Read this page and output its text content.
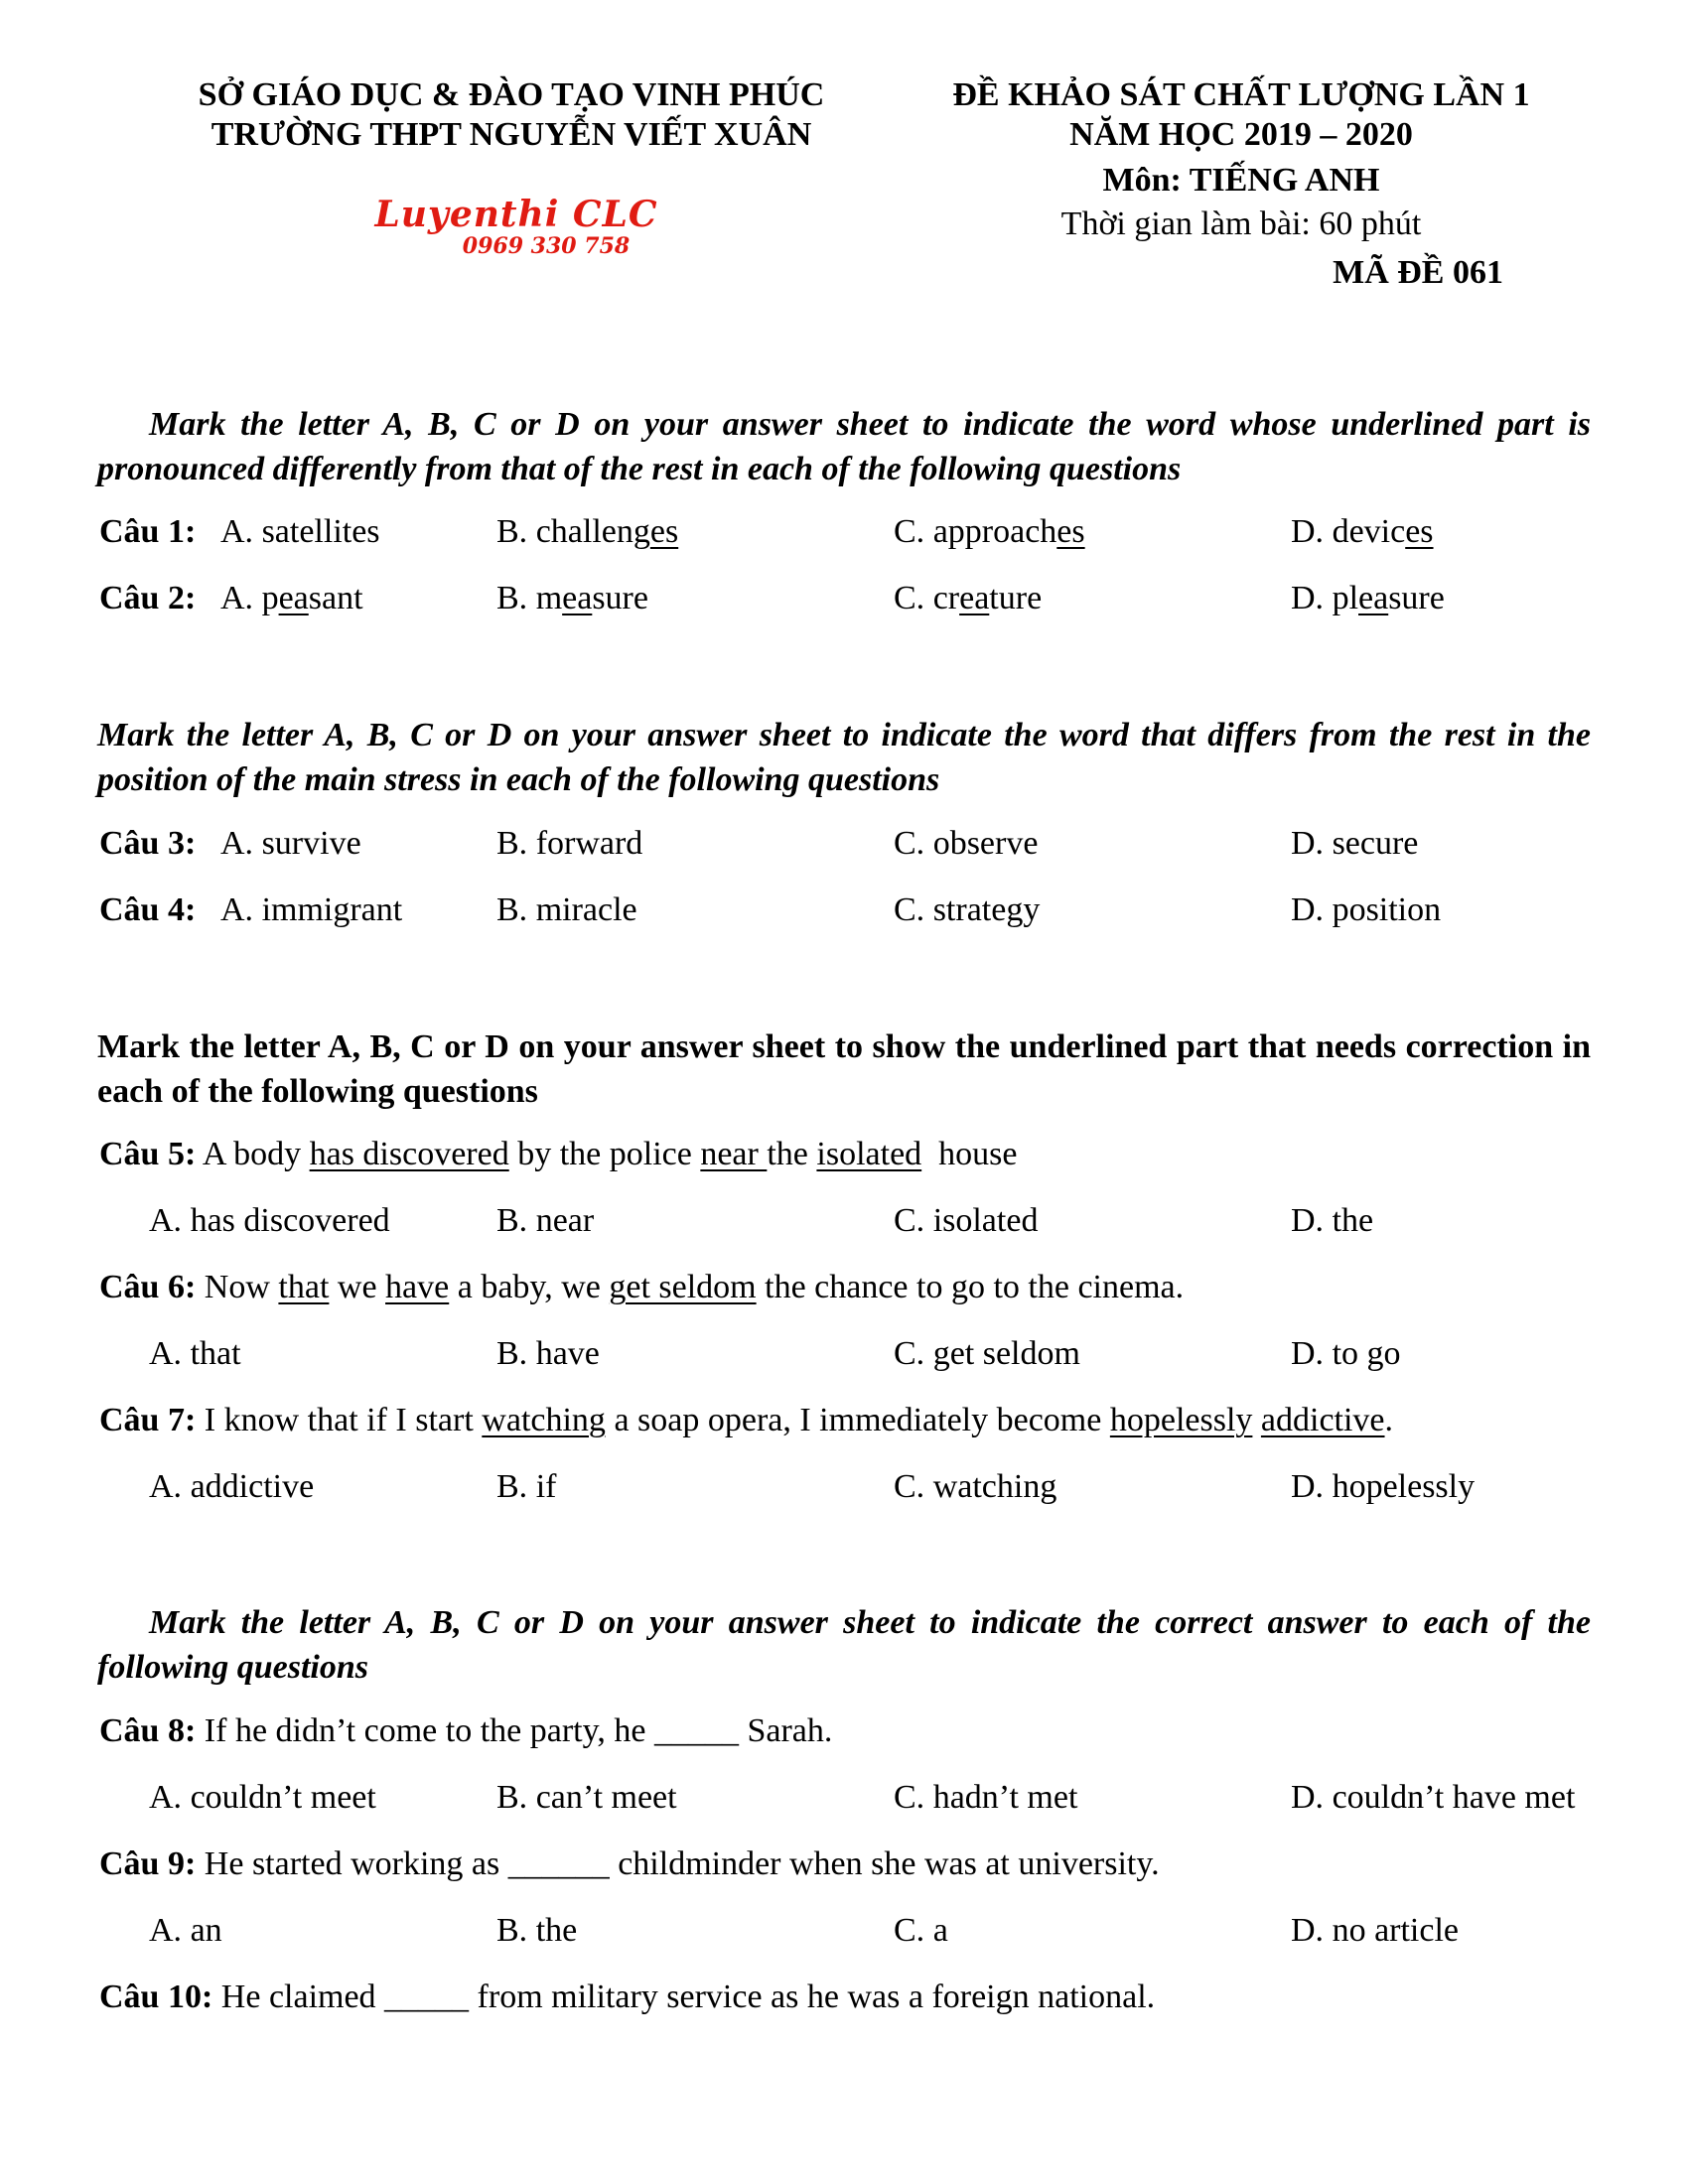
SỞ GIÁO DỤC & ĐÀO TẠO VINH PHÚC
TRƯỜNG THPT NGUYỄN VIẾT XUÂN
Luyenthi CLC
0969 330 758
ĐỀ KHẢO SÁT CHẤT LƯỢNG LẦN 1
NĂM HỌC 2019 – 2020
Môn: TIẾNG ANH
Thời gian làm bài: 60 phút
MÃ ĐỀ 061
Mark the letter A, B, C or D on your answer sheet to indicate the word whose underlined part is pronounced differently from that of the rest in each of the following questions
Câu 1: A. satellites	B. challenges	C. approaches	D. devices
Câu 2: A. peasant	B. measure	C. creature	D. pleasure
Mark the letter A, B, C or D on your answer sheet to indicate the word that differs from the rest in the position of the main stress in each of the following questions
Câu 3: A. survive	B. forward	C. observe	D. secure
Câu 4: A. immigrant	B. miracle	C. strategy	D. position
Mark the letter A, B, C or D on your answer sheet to show the underlined part that needs correction in each of the following questions
Câu 5: A body has discovered by the police near the isolated  house
A. has discovered	B. near	C. isolated	D. the
Câu 6: Now that we have a baby, we get seldom the chance to go to the cinema.
A. that	B. have	C. get seldom	D. to go
Câu 7: I know that if I start watching a soap opera, I immediately become hopelessly addictive.
A. addictive	B. if	C. watching	D. hopelessly
Mark the letter A, B, C or D on your answer sheet to indicate the correct answer to each of the following questions
Câu 8: If he didn’t come to the party, he _____ Sarah.
A. couldn’t meet	B. can’t meet	C. hadn’t met	D. couldn’t have met
Câu 9: He started working as ______ childminder when she was at university.
A. an	B. the	C. a	D. no article
Câu 10: He claimed _____ from military service as he was a foreign national.
